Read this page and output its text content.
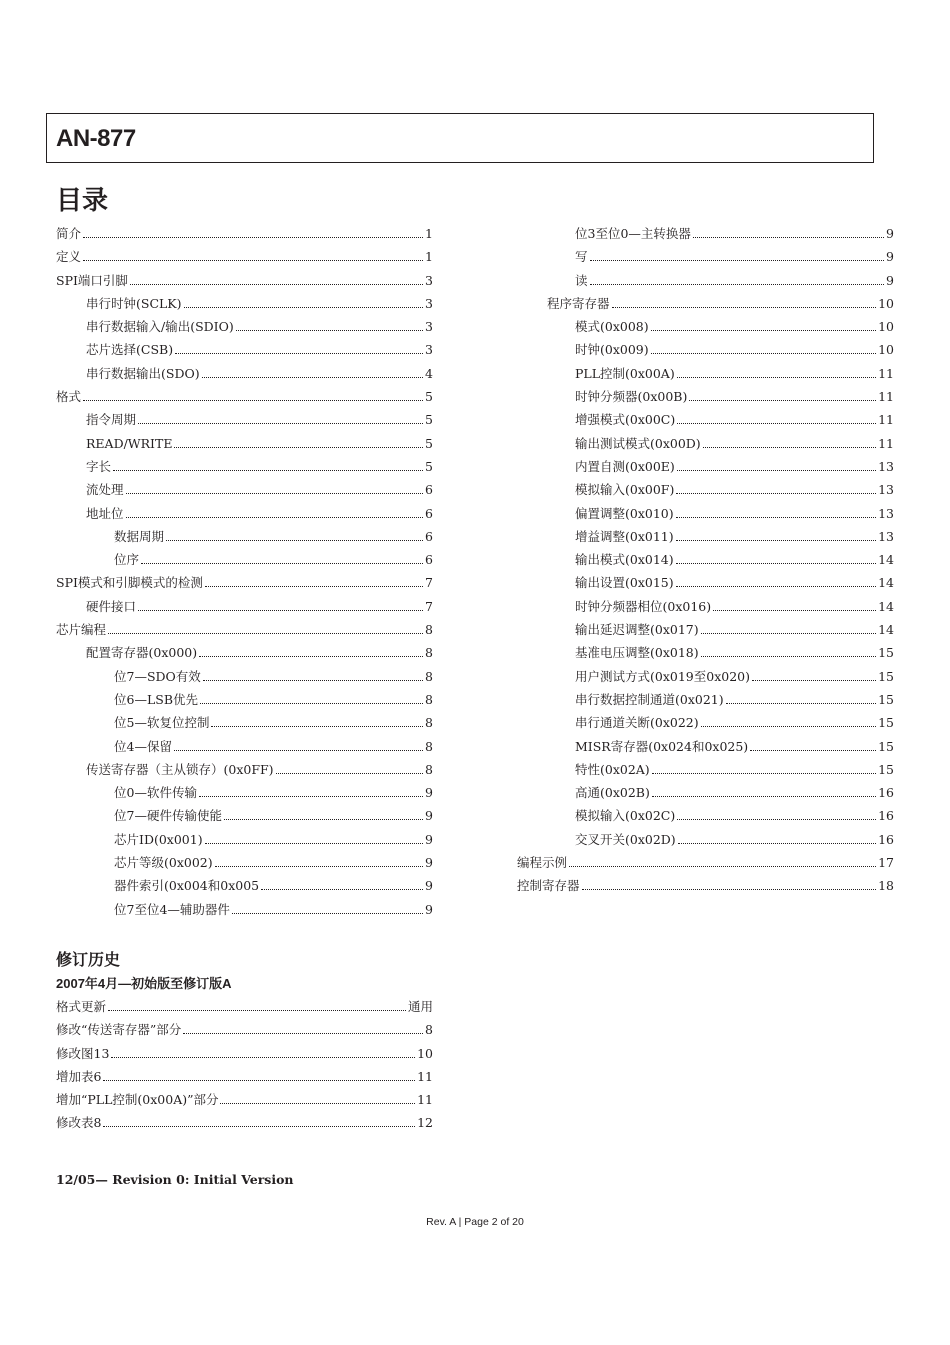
AN-877
目录
简介	1
定义	1
SPI端口引脚	3
串行时钟(SCLK)	3
串行数据输入/输出(SDIO)	3
芯片选择(CSB)	3
串行数据输出(SDO)	4
格式	5
指令周期	5
READ/WRITE	5
字长	5
流处理	6
地址位	6
数据周期	6
位序	6
SPI模式和引脚模式的检测	7
硬件接口	7
芯片编程	8
配置寄存器(0x000)	8
位7—SDO有效	8
位6—LSB优先	8
位5—软复位控制	8
位4—保留	8
传送寄存器（主从锁存）(0x0FF)	8
位0—软件传输	9
位7—硬件传输使能	9
芯片ID(0x001)	9
芯片等级(0x002)	9
器件索引(0x004和0x005	9
位7至位4—辅助器件	9
位3至位0—主转换器	9
写	9
读	9
程序寄存器	10
模式(0x008)	10
时钟(0x009)	10
PLL控制(0x00A)	11
时钟分频器(0x00B)	11
增强模式(0x00C)	11
输出测试模式(0x00D)	11
内置自测(0x00E)	13
模拟输入(0x00F)	13
偏置调整(0x010)	13
增益调整(0x011)	13
输出模式(0x014)	14
输出设置(0x015)	14
时钟分频器相位(0x016)	14
输出延迟调整(0x017)	14
基准电压调整(0x018)	15
用户测试方式(0x019至0x020)	15
串行数据控制通道(0x021)	15
串行通道关断(0x022)	15
MISR寄存器(0x024和0x025)	15
特性(0x02A)	15
高通(0x02B)	16
模拟输入(0x02C)	16
交叉开关(0x02D)	16
编程示例	17
控制寄存器	18
修订历史
2007年4月—初始版至修订版A
格式更新	通用
修改“传送寄存器”部分	8
修改图13	10
增加表6	11
增加“PLL控制(0x00A)”部分	11
修改表8	12
12/05— Revision 0: Initial Version
Rev. A | Page 2 of 20
